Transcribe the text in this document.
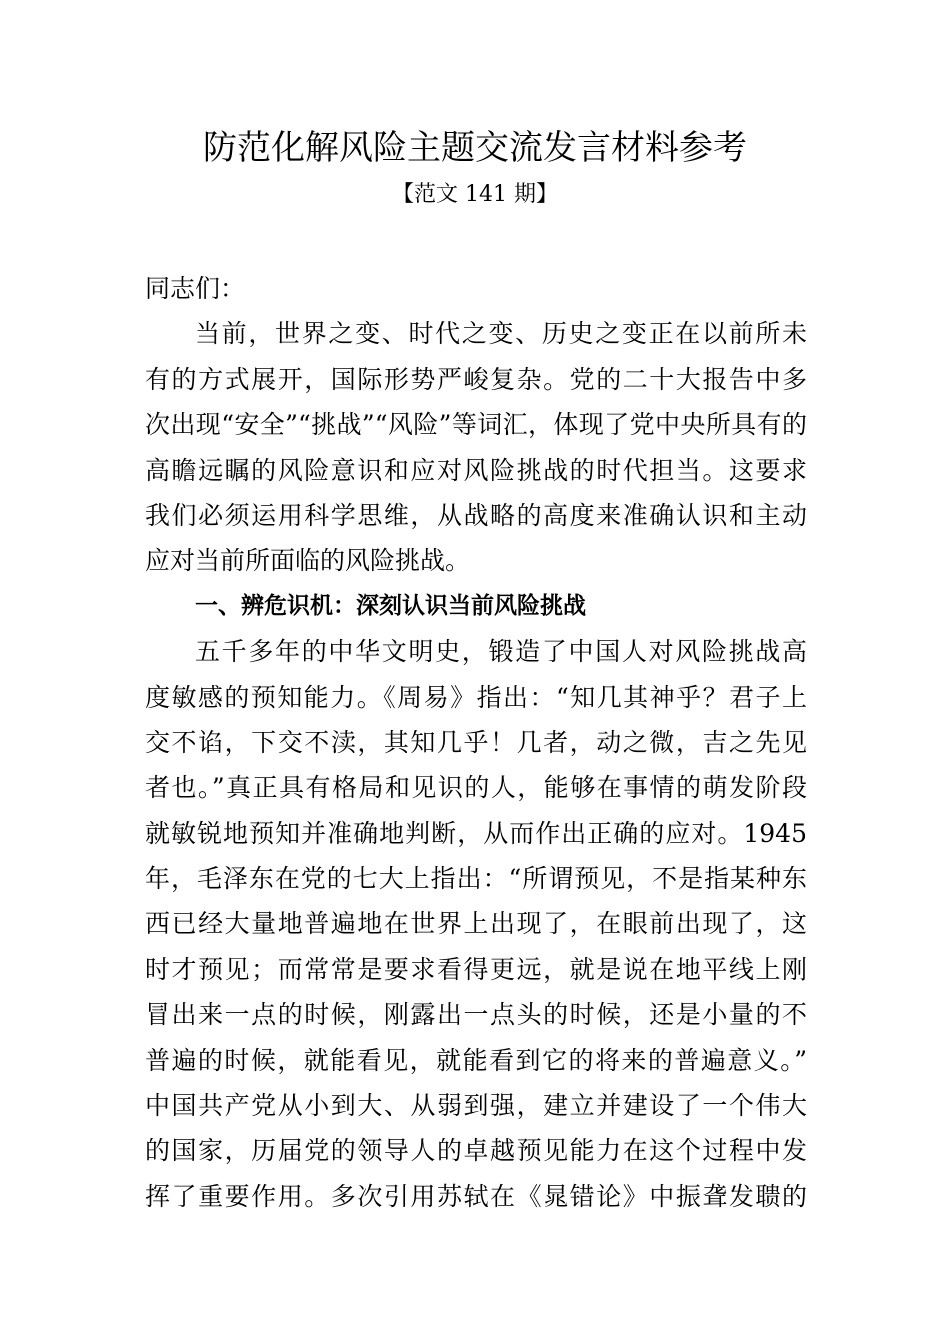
防范化解风险主题交流发言材料参考
【范文 141 期】
同志们：
当前，世界之变、时代之变、历史之变正在以前所未
有的方式展开，国际形势严峻复杂。党的二十大报告中多
次出现“安全”“挑战”“风险”等词汇，体现了党中央所具有的
高瞻远瞩的风险意识和应对风险挑战的时代担当。这要求
我们必须运用科学思维，从战略的高度来准确认识和主动
应对当前所面临的风险挑战。
一、辨危识机：深刻认识当前风险挑战
五千多年的中华文明史，锻造了中国人对风险挑战高
度敏感的预知能力。《周易》指出：“知几其神乎？君子上
交不谄，下交不渎，其知几乎！几者，动之微，吉之先见
者也。”真正具有格局和见识的人，能够在事情的萌发阶段
就敏锐地预知并准确地判断，从而作出正确的应对。1945
年，毛泽东在党的七大上指出：“所谓预见，不是指某种东
西已经大量地普遍地在世界上出现了，在眼前出现了，这
时才预见；而常常是要求看得更远，就是说在地平线上刚
冒出来一点的时候，刚露出一点头的时候，还是小量的不
普遍的时候，就能看见，就能看到它的将来的普遍意义。”
中国共产党从小到大、从弱到强，建立并建设了一个伟大
的国家，历届党的领导人的卓越预见能力在这个过程中发
挥了重要作用。多次引用苏轼在《晁错论》中振聋发聩的
